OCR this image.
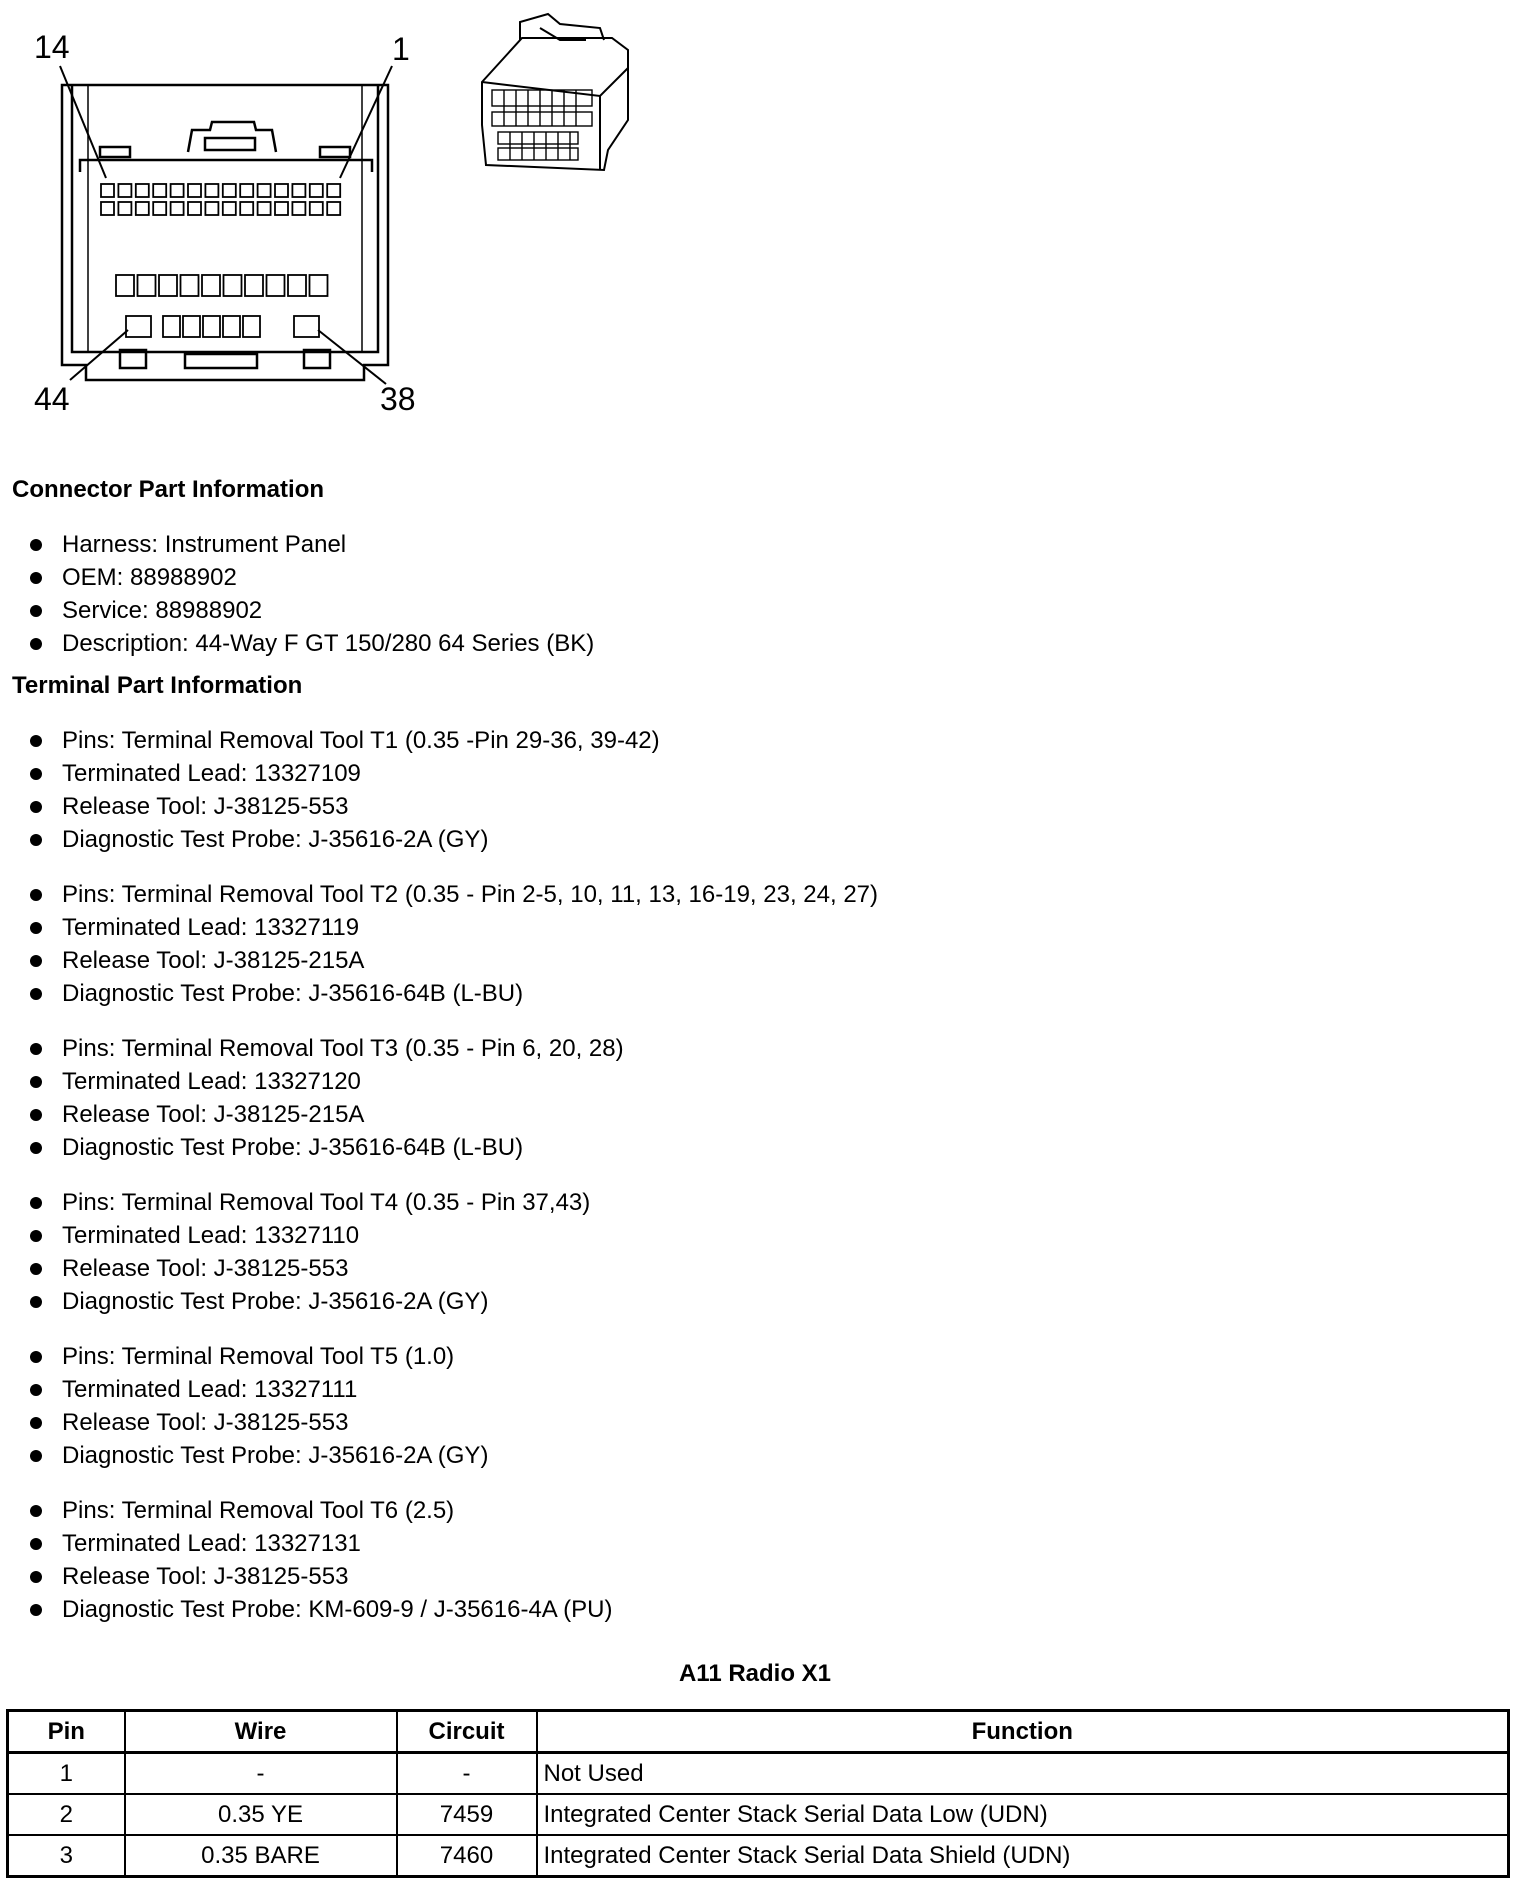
14	1
44	38
Connector Part Information
Harness: Instrument Panel
OEM: 88988902
Service: 88988902
Description: 44-Way F GT 150/280 64 Series (BK)
Terminal Part Information
Pins: Terminal Removal Tool T1 (0.35 -Pin 29-36, 39-42)
Terminated Lead: 13327109
Release Tool: J-38125-553
Diagnostic Test Probe: J-35616-2A (GY)
Pins: Terminal Removal Tool T2 (0.35 - Pin 2-5, 10, 11, 13, 16-19, 23, 24, 27)
Terminated Lead: 13327119
Release Tool: J-38125-215A
Diagnostic Test Probe: J-35616-64B (L-BU)
Pins: Terminal Removal Tool T3 (0.35 - Pin 6, 20, 28)
Terminated Lead: 13327120
Release Tool: J-38125-215A
Diagnostic Test Probe: J-35616-64B (L-BU)
Pins: Terminal Removal Tool T4 (0.35 - Pin 37,43)
Terminated Lead: 13327110
Release Tool: J-38125-553
Diagnostic Test Probe: J-35616-2A (GY)
Pins: Terminal Removal Tool T5 (1.0)
Terminated Lead: 13327111
Release Tool: J-38125-553
Diagnostic Test Probe: J-35616-2A (GY)
Pins: Terminal Removal Tool T6 (2.5)
Terminated Lead: 13327131
Release Tool: J-38125-553
Diagnostic Test Probe: KM-609-9 / J-35616-4A (PU)
A11 Radio X1
Pin	Wire	Circuit	Function
1	-	-	Not Used
2	0.35 YE	7459	Integrated Center Stack Serial Data Low (UDN)
3	0.35 BARE	7460	Integrated Center Stack Serial Data Shield (UDN)
